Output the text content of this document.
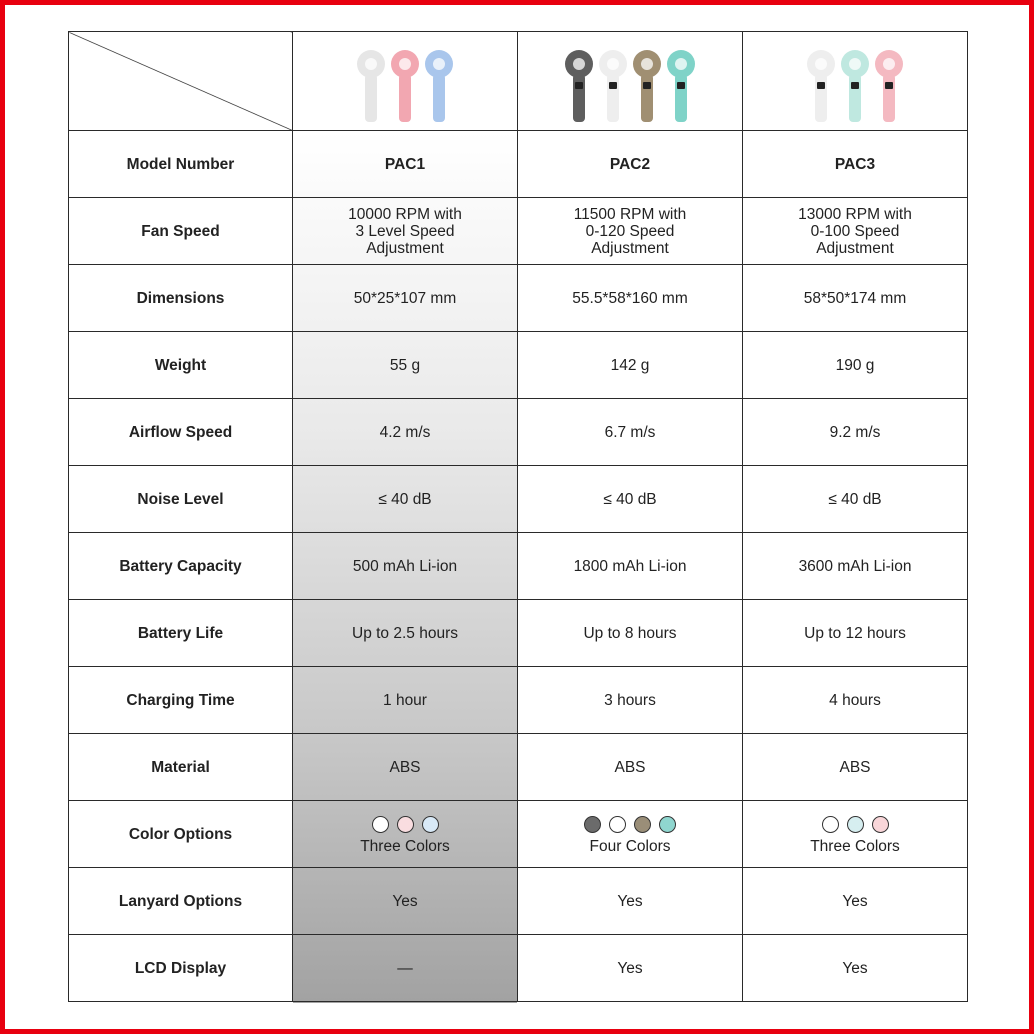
Model Number	PAC1	PAC2	PAC3

Fan Speed	10000 RPM with
3 Level Speed
Adjustment	11500 RPM with
0-120 Speed
Adjustment	13000 RPM with
0-100 Speed
Adjustment

Dimensions	50*25*107 mm	55.5*58*160 mm	58*50*174 mm

Weight	55 g	142 g	190 g

Airflow Speed	4.2 m/s	6.7 m/s	9.2 m/s

Noise Level	≤ 40 dB	≤ 40 dB	≤ 40 dB

Battery Capacity	500 mAh Li-ion	1800 mAh Li-ion	3600 mAh Li-ion

Battery Life	Up to 2.5 hours	Up to 8 hours	Up to 12 hours

Charging Time	1 hour	3 hours	4 hours

Material	ABS	ABS	ABS

Color Options	Three Colors	Four Colors	Three Colors

Lanyard Options	Yes	Yes	Yes

LCD Display	—	Yes	Yes
